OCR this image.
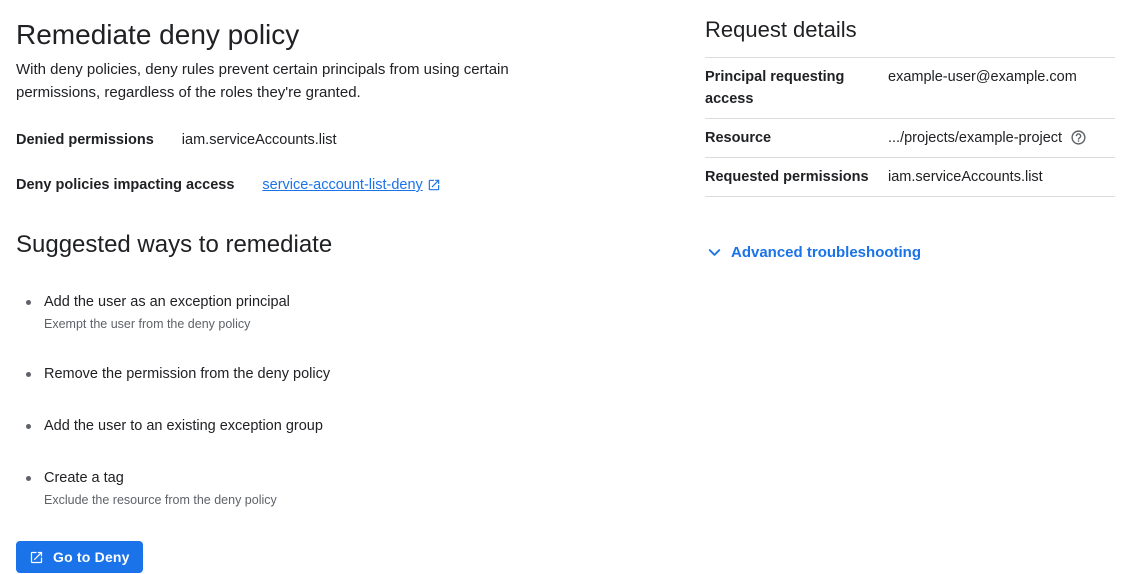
Remediate deny policy

With deny policies, deny rules prevent certain principals from using certain permissions, regardless of the roles they're granted.

Denied permissions iam.serviceAccounts.list
Deny policies impacting access service-account-list-deny
Suggested ways to remediate
Add the user as an exception principal
Exempt the user from the deny policy
Remove the permission from the deny policy
Add the user to an existing exception group
Create a tag
Exclude the resource from the deny policy
Go to Deny
Request details
Principal requesting access
example-user@example.com
Resource	.../projects/example-project
Requested permissions	iam.serviceAccounts.list
Advanced troubleshooting
